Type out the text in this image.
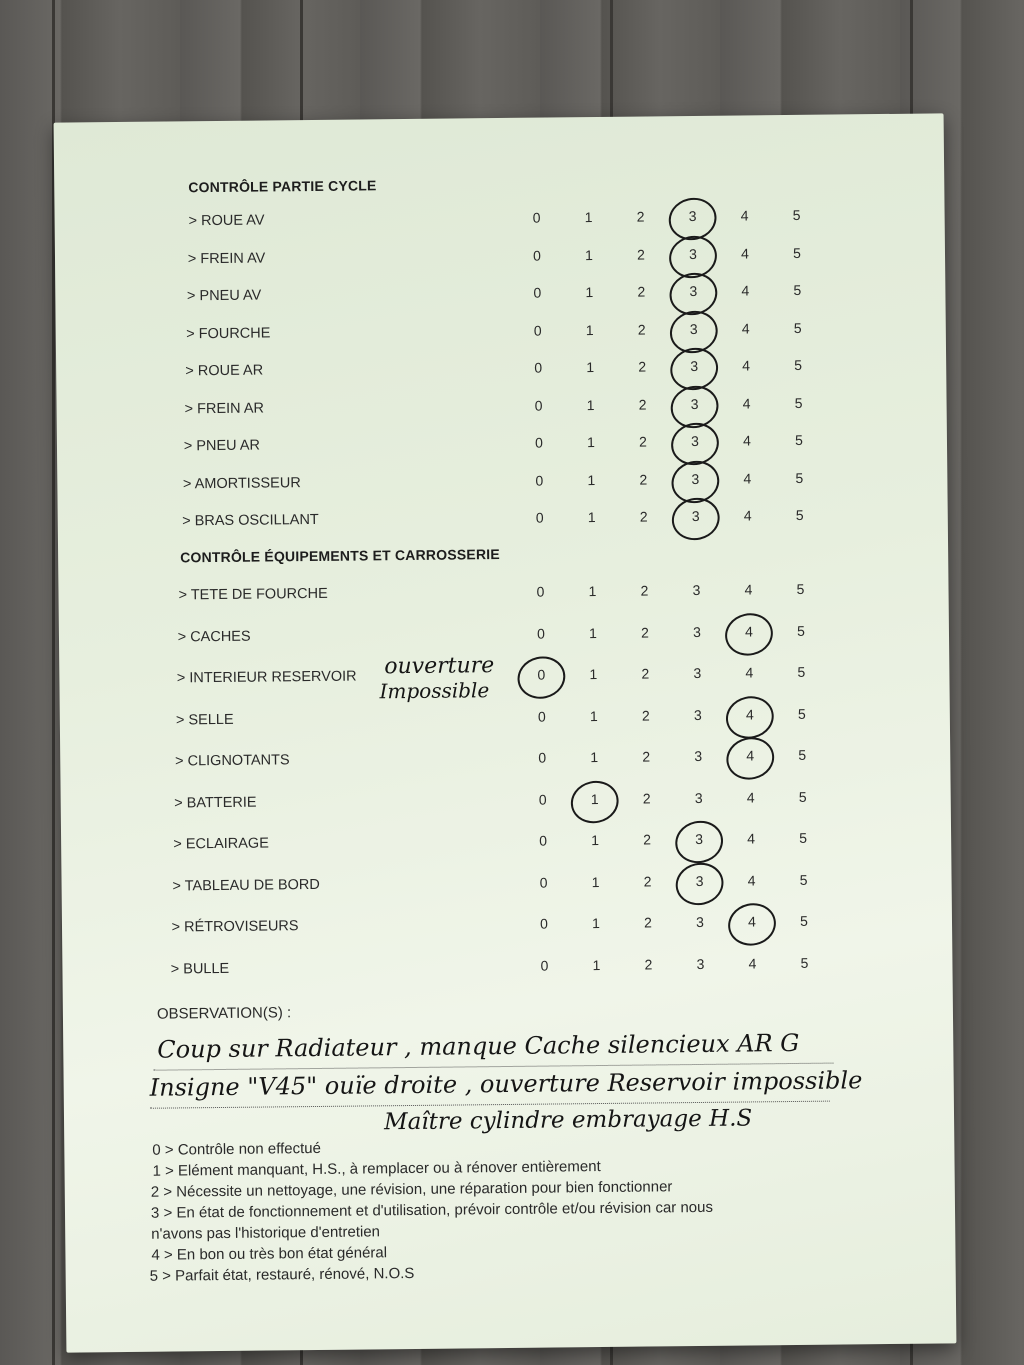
CONTRÔLE PARTIE CYCLE
> ROUE AV	0	1	2	3	4	5
> FREIN AV	0	1	2	3	4	5
> PNEU AV	0	1	2	3	4	5
> FOURCHE	0	1	2	3	4	5
> ROUE AR	0	1	2	3	4	5
> FREIN AR	0	1	2	3	4	5
> PNEU AR	0	1	2	3	4	5
> AMORTISSEUR	0	1	2	3	4	5
> BRAS OSCILLANT	0	1	2	3	4	5
CONTRÔLE ÉQUIPEMENTS ET CARROSSERIE
> TETE DE FOURCHE	0	1	2	3	4	5
> CACHES	0	1	2	3	4	5
> INTERIEUR RESERVOIR	0	1	2	3	4	5
> SELLE	0	1	2	3	4	5
> CLIGNOTANTS	0	1	2	3	4	5
> BATTERIE	0	1	2	3	4	5
> ECLAIRAGE	0	1	2	3	4	5
> TABLEAU DE BORD	0	1	2	3	4	5
> RÉTROVISEURS	0	1	2	3	4	5
> BULLE	0	1	2	3	4	5
ouverture
Impossible
OBSERVATION(S) :
Coup sur Radiateur , manque Cache silencieux AR G
Insigne "V45" ouïe droite , ouverture Reservoir impossible
Maître cylindre embrayage H.S
0 > Contrôle non effectué
1 > Elément manquant, H.S., à remplacer ou à rénover entièrement
2 > Nécessite un nettoyage, une révision, une réparation pour bien fonctionner
3 > En état de fonctionnement et d'utilisation, prévoir contrôle et/ou révision car nous
n'avons pas l'historique d'entretien
4 > En bon ou très bon état général
5 > Parfait état, restauré, rénové, N.O.S
